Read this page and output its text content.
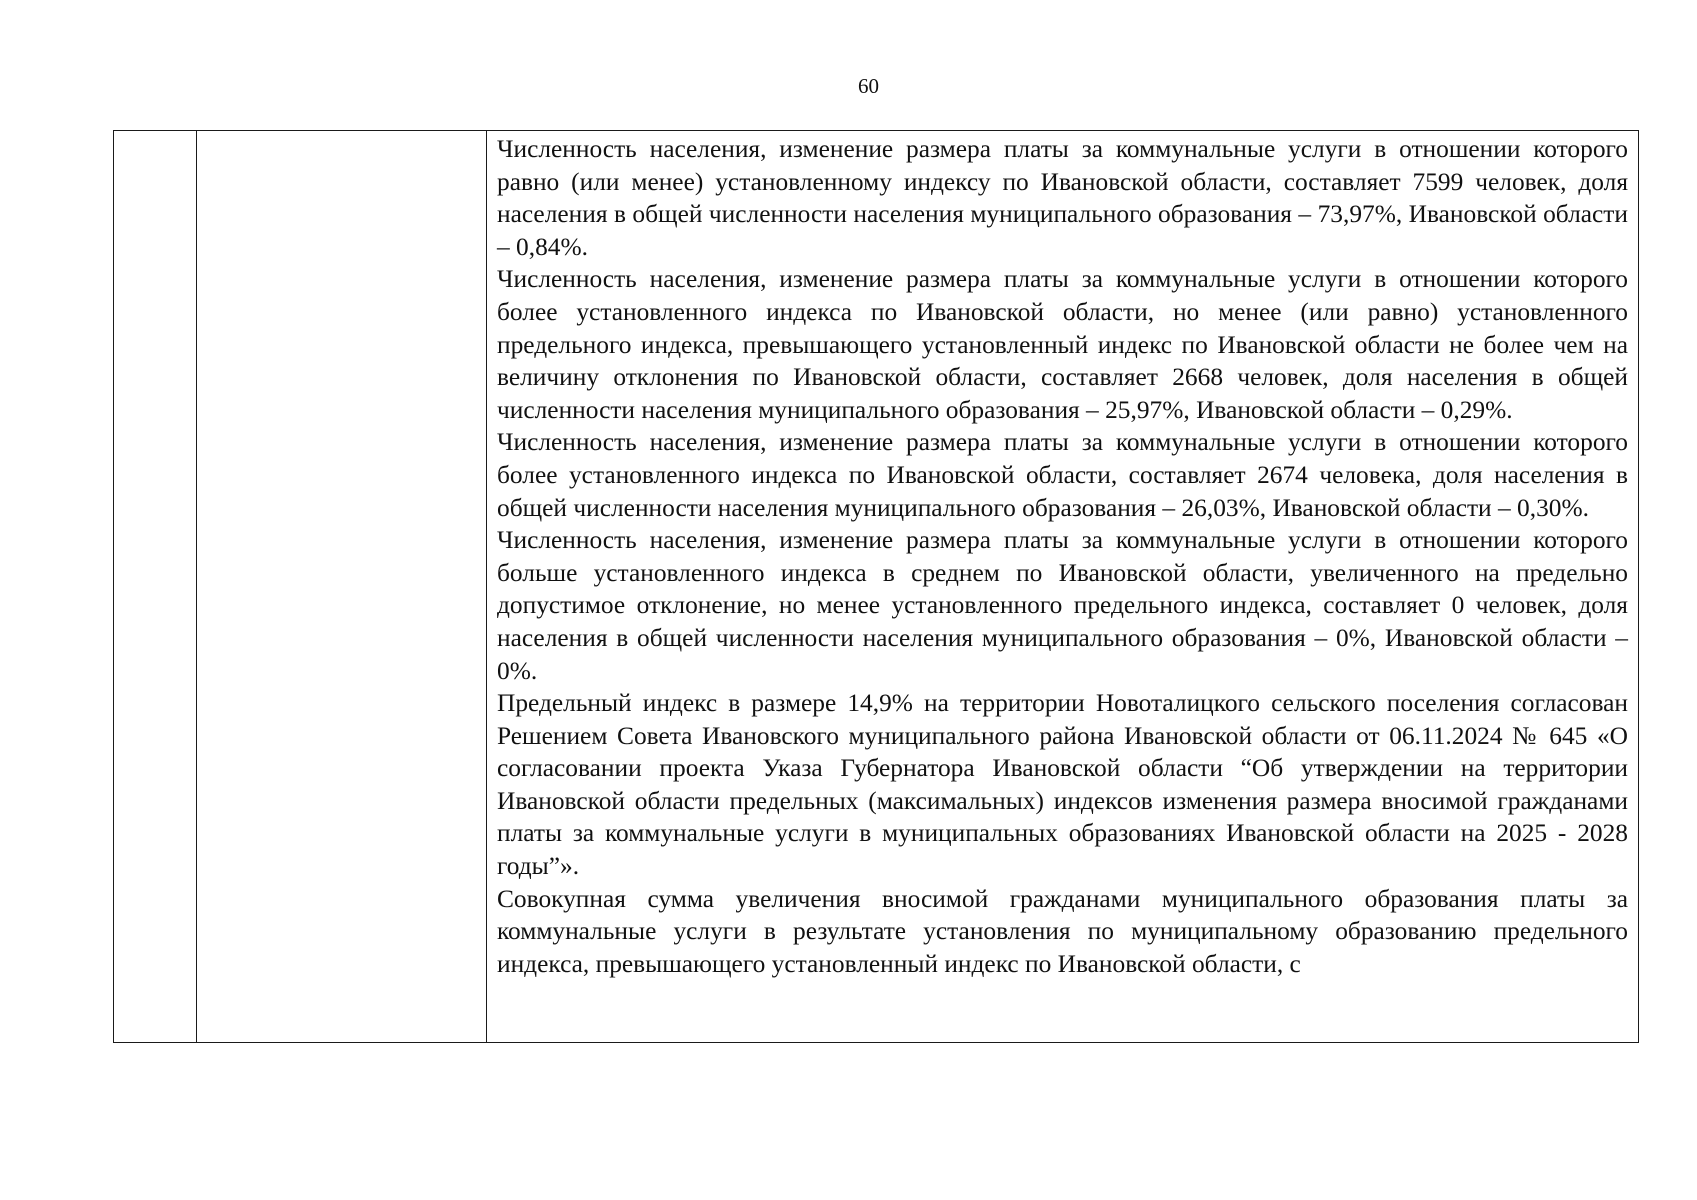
60

Численность населения, изменение размера платы за коммунальные услуги в отношении которого равно (или менее) установленному индексу по Ивановской области, составляет 7599 человек, доля населения в общей численности населения муниципального образования – 73,97%, Ивановской области – 0,84%.

Численность населения, изменение размера платы за коммунальные услуги в отношении которого более установленного индекса по Ивановской области, но менее (или равно) установленного предельного индекса, превышающего установленный индекс по Ивановской области не более чем на величину отклонения по Ивановской области, составляет 2668 человек, доля населения в общей численности населения муниципального образования – 25,97%, Ивановской области – 0,29%.

Численность населения, изменение размера платы за коммунальные услуги в отношении которого более установленного индекса по Ивановской области, составляет 2674 человека, доля населения в общей численности населения муниципального образования – 26,03%, Ивановской области – 0,30%.

Численность населения, изменение размера платы за коммунальные услуги в отношении которого больше установленного индекса в среднем по Ивановской области, увеличенного на предельно допустимое отклонение, но менее установленного предельного индекса, составляет 0 человек, доля населения в общей численности населения муниципального образования – 0%, Ивановской области – 0%.

Предельный индекс в размере 14,9% на территории Новоталицкого сельского поселения согласован Решением Совета Ивановского муниципального района Ивановской области от 06.11.2024 № 645 «О согласовании проекта Указа Губернатора Ивановской области “Об утверждении на территории Ивановской области предельных (максимальных) индексов изменения размера вносимой гражданами платы за коммунальные услуги в муниципальных образованиях Ивановской области на 2025 - 2028 годы”».

Совокупная сумма увеличения вносимой гражданами муниципального образования платы за коммунальные услуги в результате установления по муниципальному образованию предельного индекса, превышающего установленный индекс по Ивановской области, с
